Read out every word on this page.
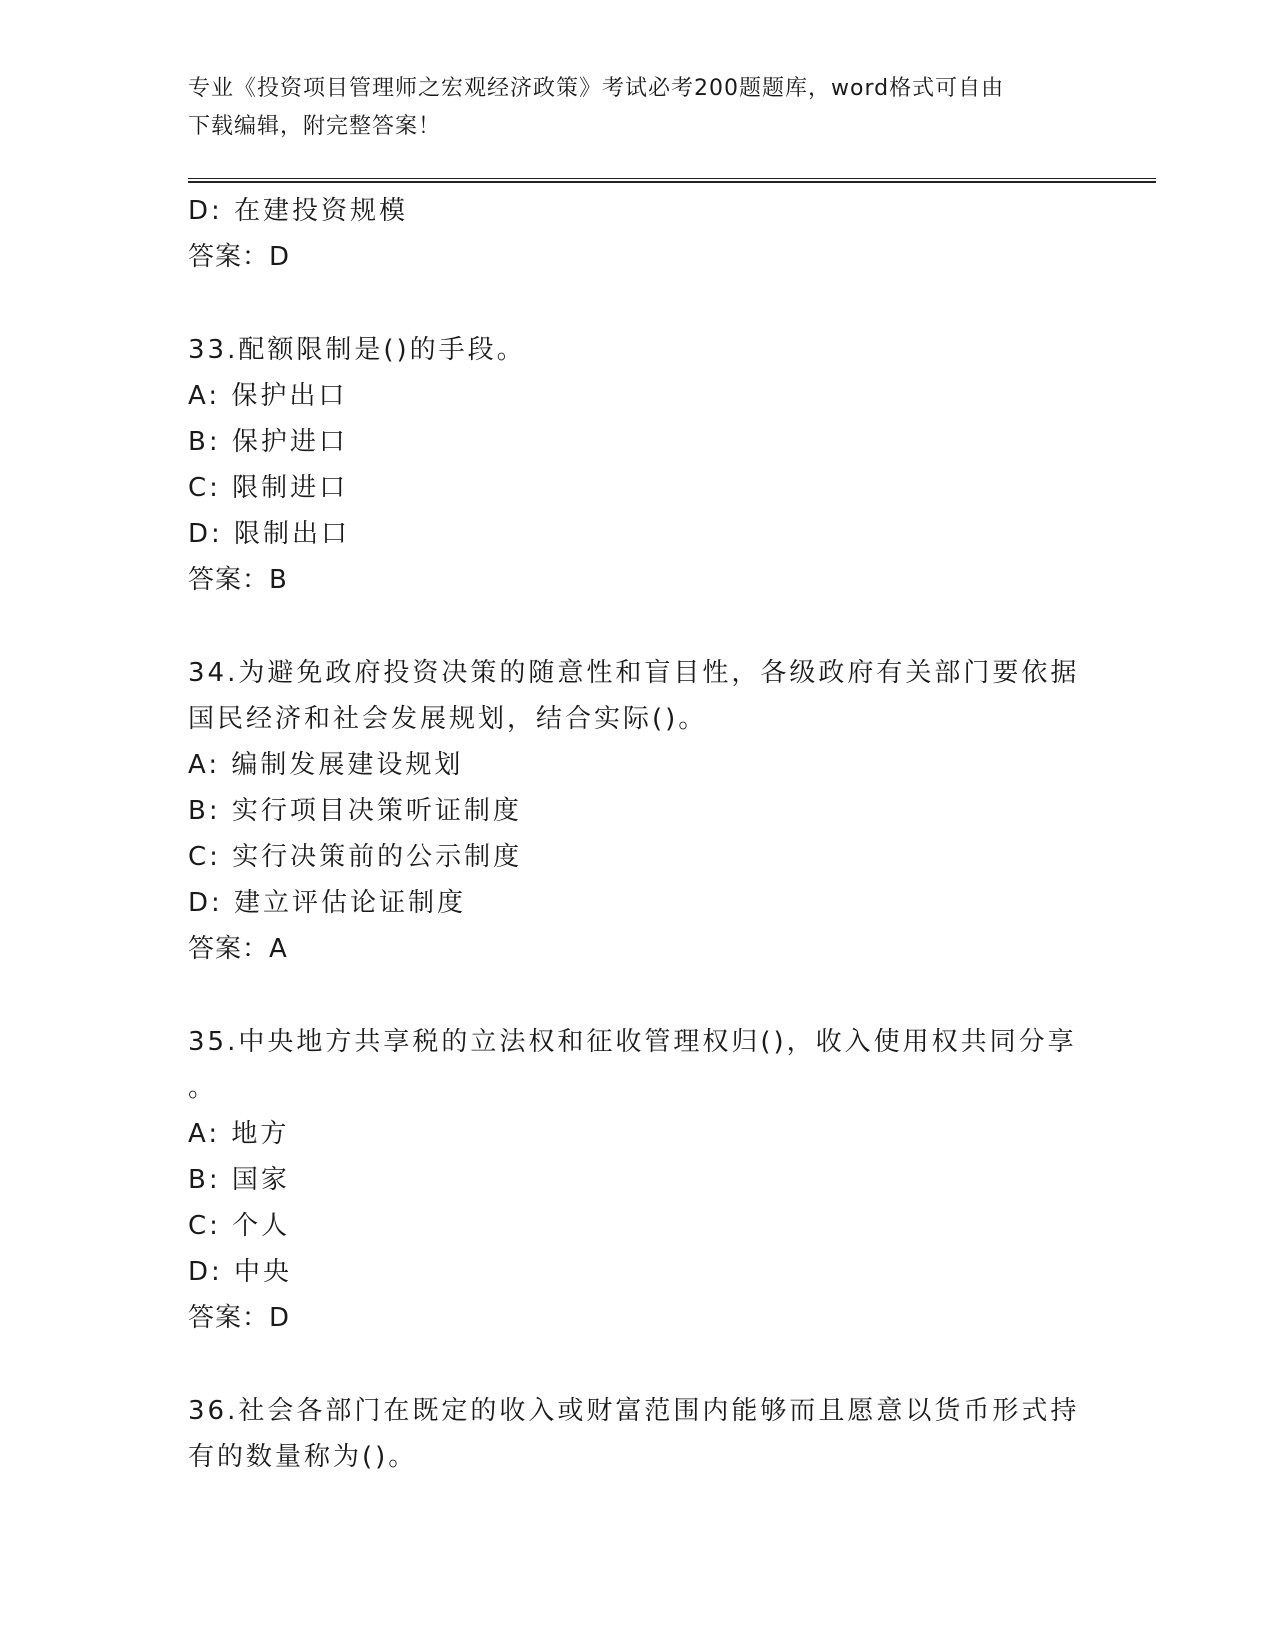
专业《投资项目管理师之宏观经济政策》考试必考200题题库，word格式可自由
下载编辑，附完整答案！
D: 在建投资规模
答案：D
33.配额限制是()的手段。
A: 保护出口
B: 保护进口
C: 限制进口
D: 限制出口
答案：B
34.为避免政府投资决策的随意性和盲目性，各级政府有关部门要依据
国民经济和社会发展规划，结合实际()。
A: 编制发展建设规划
B: 实行项目决策听证制度
C: 实行决策前的公示制度
D: 建立评估论证制度
答案：A
35.中央地方共享税的立法权和征收管理权归()，收入使用权共同分享
。
A: 地方
B: 国家
C: 个人
D: 中央
答案：D
36.社会各部门在既定的收入或财富范围内能够而且愿意以货币形式持
有的数量称为()。
